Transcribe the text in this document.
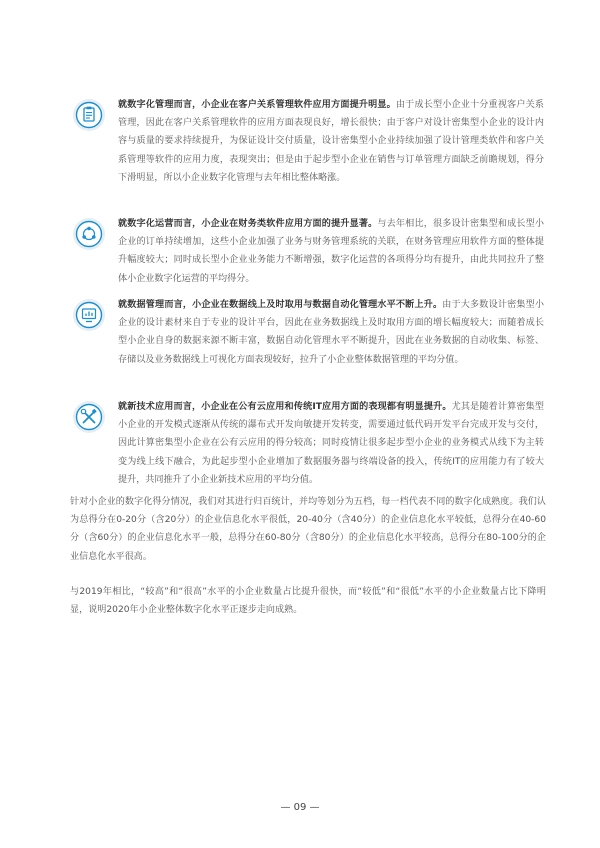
就数字化管理而言，小企业在客户关系管理软件应用方面提升明显。由于成长型小企业十分重视客户关系管理，因此在客户关系管理软件的应用方面表现良好，增长很快；由于客户对设计密集型小企业的设计内容与质量的要求持续提升，为保证设计交付质量，设计密集型小企业持续加强了设计管理类软件和客户关系管理等软件的应用力度，表现突出；但是由于起步型小企业在销售与订单管理方面缺乏前瞻规划，得分下滑明显，所以小企业数字化管理与去年相比整体略涨。
就数字化运营而言，小企业在财务类软件应用方面的提升显著。与去年相比，很多设计密集型和成长型小企业的订单持续增加，这些小企业加强了业务与财务管理系统的关联，在财务管理应用软件方面的整体提升幅度较大；同时成长型小企业业务能力不断增强，数字化运营的各项得分均有提升，由此共同拉升了整体小企业数字化运营的平均得分。
就数据管理而言，小企业在数据线上及时取用与数据自动化管理水平不断上升。由于大多数设计密集型小企业的设计素材来自于专业的设计平台，因此在业务数据线上及时取用方面的增长幅度较大；而随着成长型小企业自身的数据来源不断丰富，数据自动化管理水平不断提升，因此在业务数据的自动收集、标签、存储以及业务数据线上可视化方面表现较好，拉升了小企业整体数据管理的平均分值。
就新技术应用而言，小企业在公有云应用和传统IT应用方面的表现都有明显提升。尤其是随着计算密集型小企业的开发模式逐渐从传统的瀑布式开发向敏捷开发转变，需要通过低代码开发平台完成开发与交付，因此计算密集型小企业在公有云应用的得分较高；同时疫情让很多起步型小企业的业务模式从线下为主转变为线上线下融合，为此起步型小企业增加了数据服务器与终端设备的投入，传统IT的应用能力有了较大提升，共同推升了小企业新技术应用的平均分值。
针对小企业的数字化得分情况，我们对其进行归百统计，并均等划分为五档，每一档代表不同的数字化成熟度。我们认为总得分在0-20分（含20分）的企业信息化水平很低，20-40分（含40分）的企业信息化水平较低，总得分在40-60分（含60分）的企业信息化水平一般，总得分在60-80分（含80分）的企业信息化水平较高，总得分在80-100分的企业信息化水平很高。
与2019年相比，“较高”和“很高”水平的小企业数量占比提升很快，而“较低”和“很低”水平的小企业数量占比下降明显，说明2020年小企业整体数字化水平正逐步走向成熟。
— 09 —
